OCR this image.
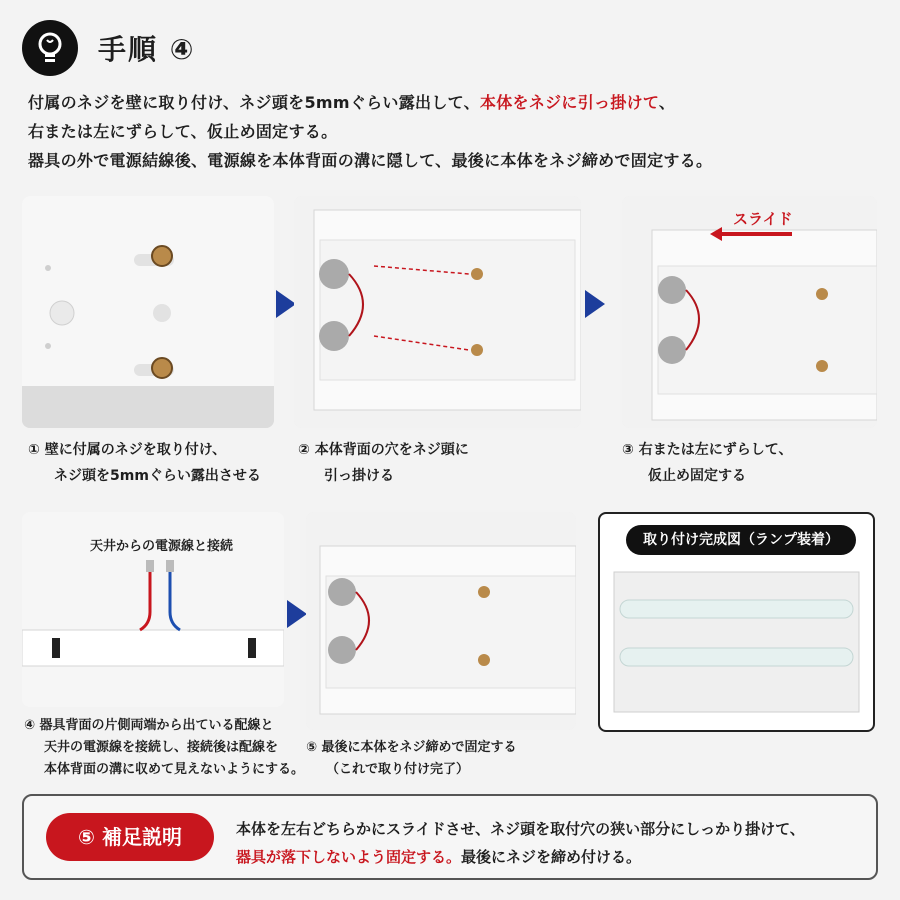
手順 ④
付属のネジを壁に取り付け、ネジ頭を5mmぐらい露出して、本体をネジに引っ掛けて、
右または左にずらして、仮止め固定する。
器具の外で電源結線後、電源線を本体背面の溝に隠して、最後に本体をネジ締めで固定する。
スライド
① 壁に付属のネジを取り付け、
ネジ頭を5mmぐらい露出させる
② 本体背面の穴をネジ頭に
引っ掛ける
③ 右または左にずらして、
仮止め固定する
天井からの電源線と接続	取り付け完成図（ランプ装着）
④ 器具背面の片側両端から出ている配線と
天井の電源線を接続し、接続後は配線を
本体背面の溝に収めて見えないようにする。
⑤ 最後に本体をネジ締めで固定する
（これで取り付け完了）
⑤ 補足説明	本体を左右どちらかにスライドさせ、ネジ頭を取付穴の狭い部分にしっかり掛けて、
器具が落下しないよう固定する。最後にネジを締め付ける。
